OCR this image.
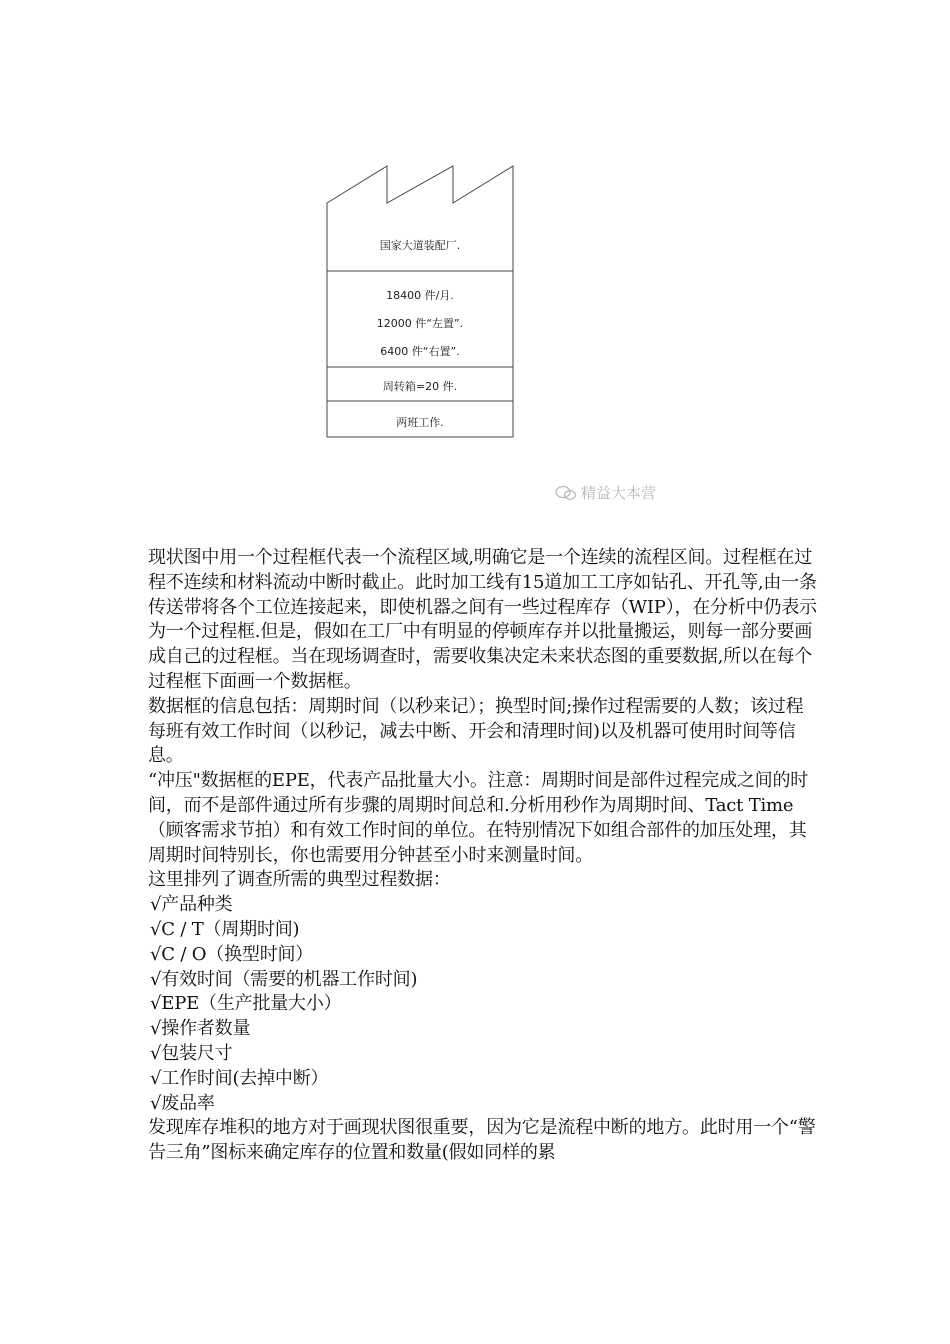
国家大道装配厂.
18400 件/月.
12000 件“左置”.
6400 件“右置”.
周转箱=20 件.
两班工作.
精益大本营

现状图中用一个过程框代表一个流程区域,明确它是一个连续的流程区间。过程框在过程不连续和材料流动中断时截止。此时加工线有15道加工工序如钻孔、开孔等,由一条传送带将各个工位连接起来，即使机器之间有一些过程库存（WIP），在分析中仍表示为一个过程框.但是，假如在工厂中有明显的停顿库存并以批量搬运，则每一部分要画成自己的过程框。当在现场调查时，需要收集决定未来状态图的重要数据,所以在每个过程框下面画一个数据框。

数据框的信息包括：周期时间（以秒来记）；换型时间;操作过程需要的人数；该过程每班有效工作时间（以秒记，减去中断、开会和清理时间)以及机器可使用时间等信息。

“冲压"数据框的EPE，代表产品批量大小。注意：周期时间是部件过程完成之间的时间，而不是部件通过所有步骤的周期时间总和.分析用秒作为周期时间、Tact Time（顾客需求节拍）和有效工作时间的单位。在特别情况下如组合部件的加压处理，其周期时间特别长，你也需要用分钟甚至小时来测量时间。

这里排列了调查所需的典型过程数据：

√产品种类

√C / T（周期时间)

√C / O（换型时间）

√有效时间（需要的机器工作时间)

√EPE（生产批量大小）

√操作者数量

√包装尺寸

√工作时间(去掉中断）

√废品率

发现库存堆积的地方对于画现状图很重要，因为它是流程中断的地方。此时用一个“警告三角”图标来确定库存的位置和数量(假如同样的累
